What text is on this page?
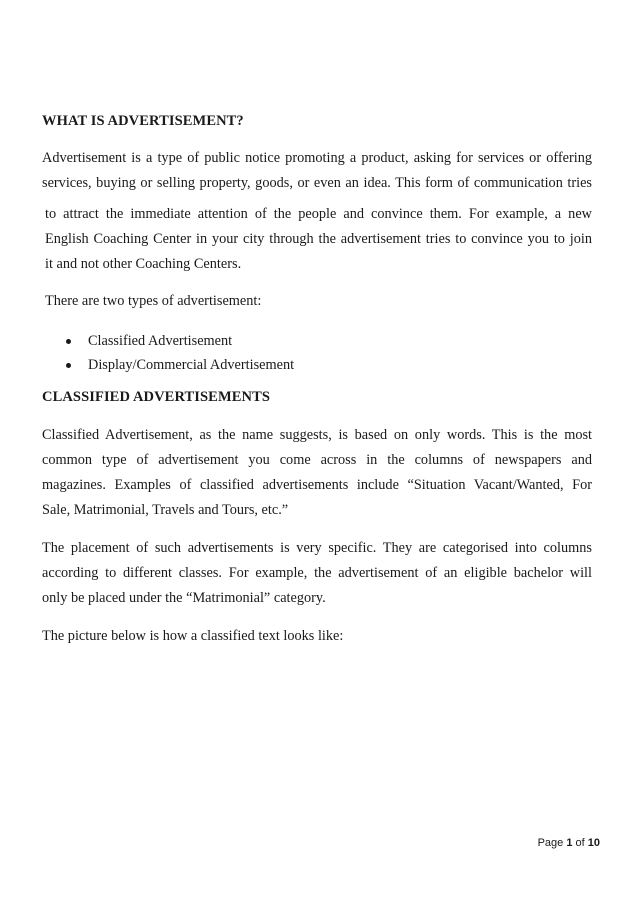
WHAT IS ADVERTISEMENT?

Advertisement is a type of public notice promoting a product, asking for services or offering

services, buying or selling property, goods, or even an idea. This form of communication tries

to attract the immediate attention of the people and convince them. For example, a new

English Coaching Center in your city through the advertisement tries to convince you to join

it and not other Coaching Centers.

There are two types of advertisement:

Classified Advertisement
Display/Commercial Advertisement
CLASSIFIED ADVERTISEMENTS

Classified Advertisement, as the name suggests, is based on only words. This is the most

common type of advertisement you come across in the columns of newspapers and

magazines. Examples of classified advertisements include “Situation Vacant/Wanted, For

Sale, Matrimonial, Travels and Tours, etc.”

The placement of such advertisements is very specific. They are categorised into columns

according to different classes. For example, the advertisement of an eligible bachelor will

only be placed under the “Matrimonial” category.

The picture below is how a classified text looks like:

Page 1 of 10
